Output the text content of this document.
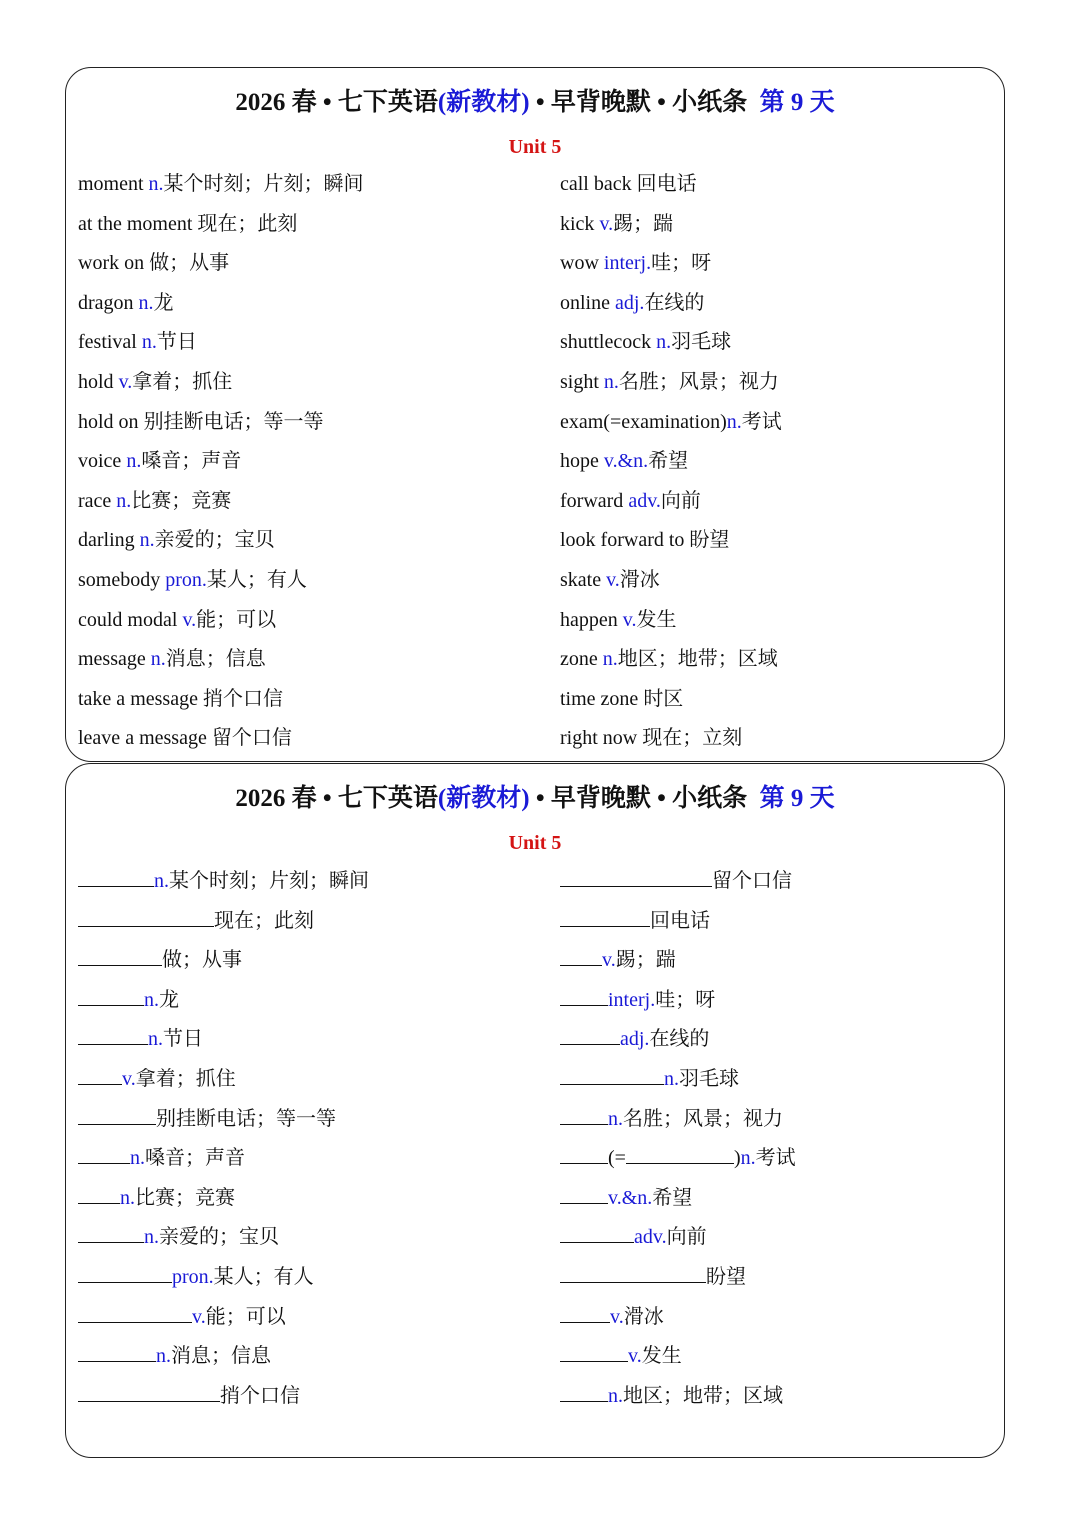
2026 春 • 七下英语(新教材) • 早背晚默 • 小纸条 第 9 天
Unit 5
moment n.某个时刻；片刻；瞬间
at the moment 现在；此刻
work on 做；从事
dragon n.龙
festival n.节日
hold v.拿着；抓住
hold on 别挂断电话；等一等
voice n.嗓音；声音
race n.比赛；竞赛
darling n.亲爱的；宝贝
somebody pron.某人；有人
could modal v.能；可以
message n.消息；信息
take a message 捎个口信
leave a message 留个口信
call back 回电话
kick v.踢；踹
wow interj.哇；呀
online adj.在线的
shuttlecock n.羽毛球
sight n.名胜；风景；视力
exam(=examination)n.考试
hope v.&n.希望
forward adv.向前
look forward to 盼望
skate v.滑冰
happen v.发生
zone n.地区；地带；区域
time zone 时区
right now 现在；立刻
2026 春 • 七下英语(新教材) • 早背晚默 • 小纸条 第 9 天
Unit 5
n.某个时刻；片刻；瞬间
现在；此刻
做；从事
n.龙
n.节日
v.拿着；抓住
别挂断电话；等一等
n.嗓音；声音
n.比赛；竞赛
n.亲爱的；宝贝
pron.某人；有人
v.能；可以
n.消息；信息
捎个口信
留个口信
回电话
v.踢；踹
interj.哇；呀
adj.在线的
n.羽毛球
n.名胜；风景；视力
(=	)n.考试
v.&n.希望
adv.向前
盼望
v.滑冰
v.发生
n.地区；地带；区域
